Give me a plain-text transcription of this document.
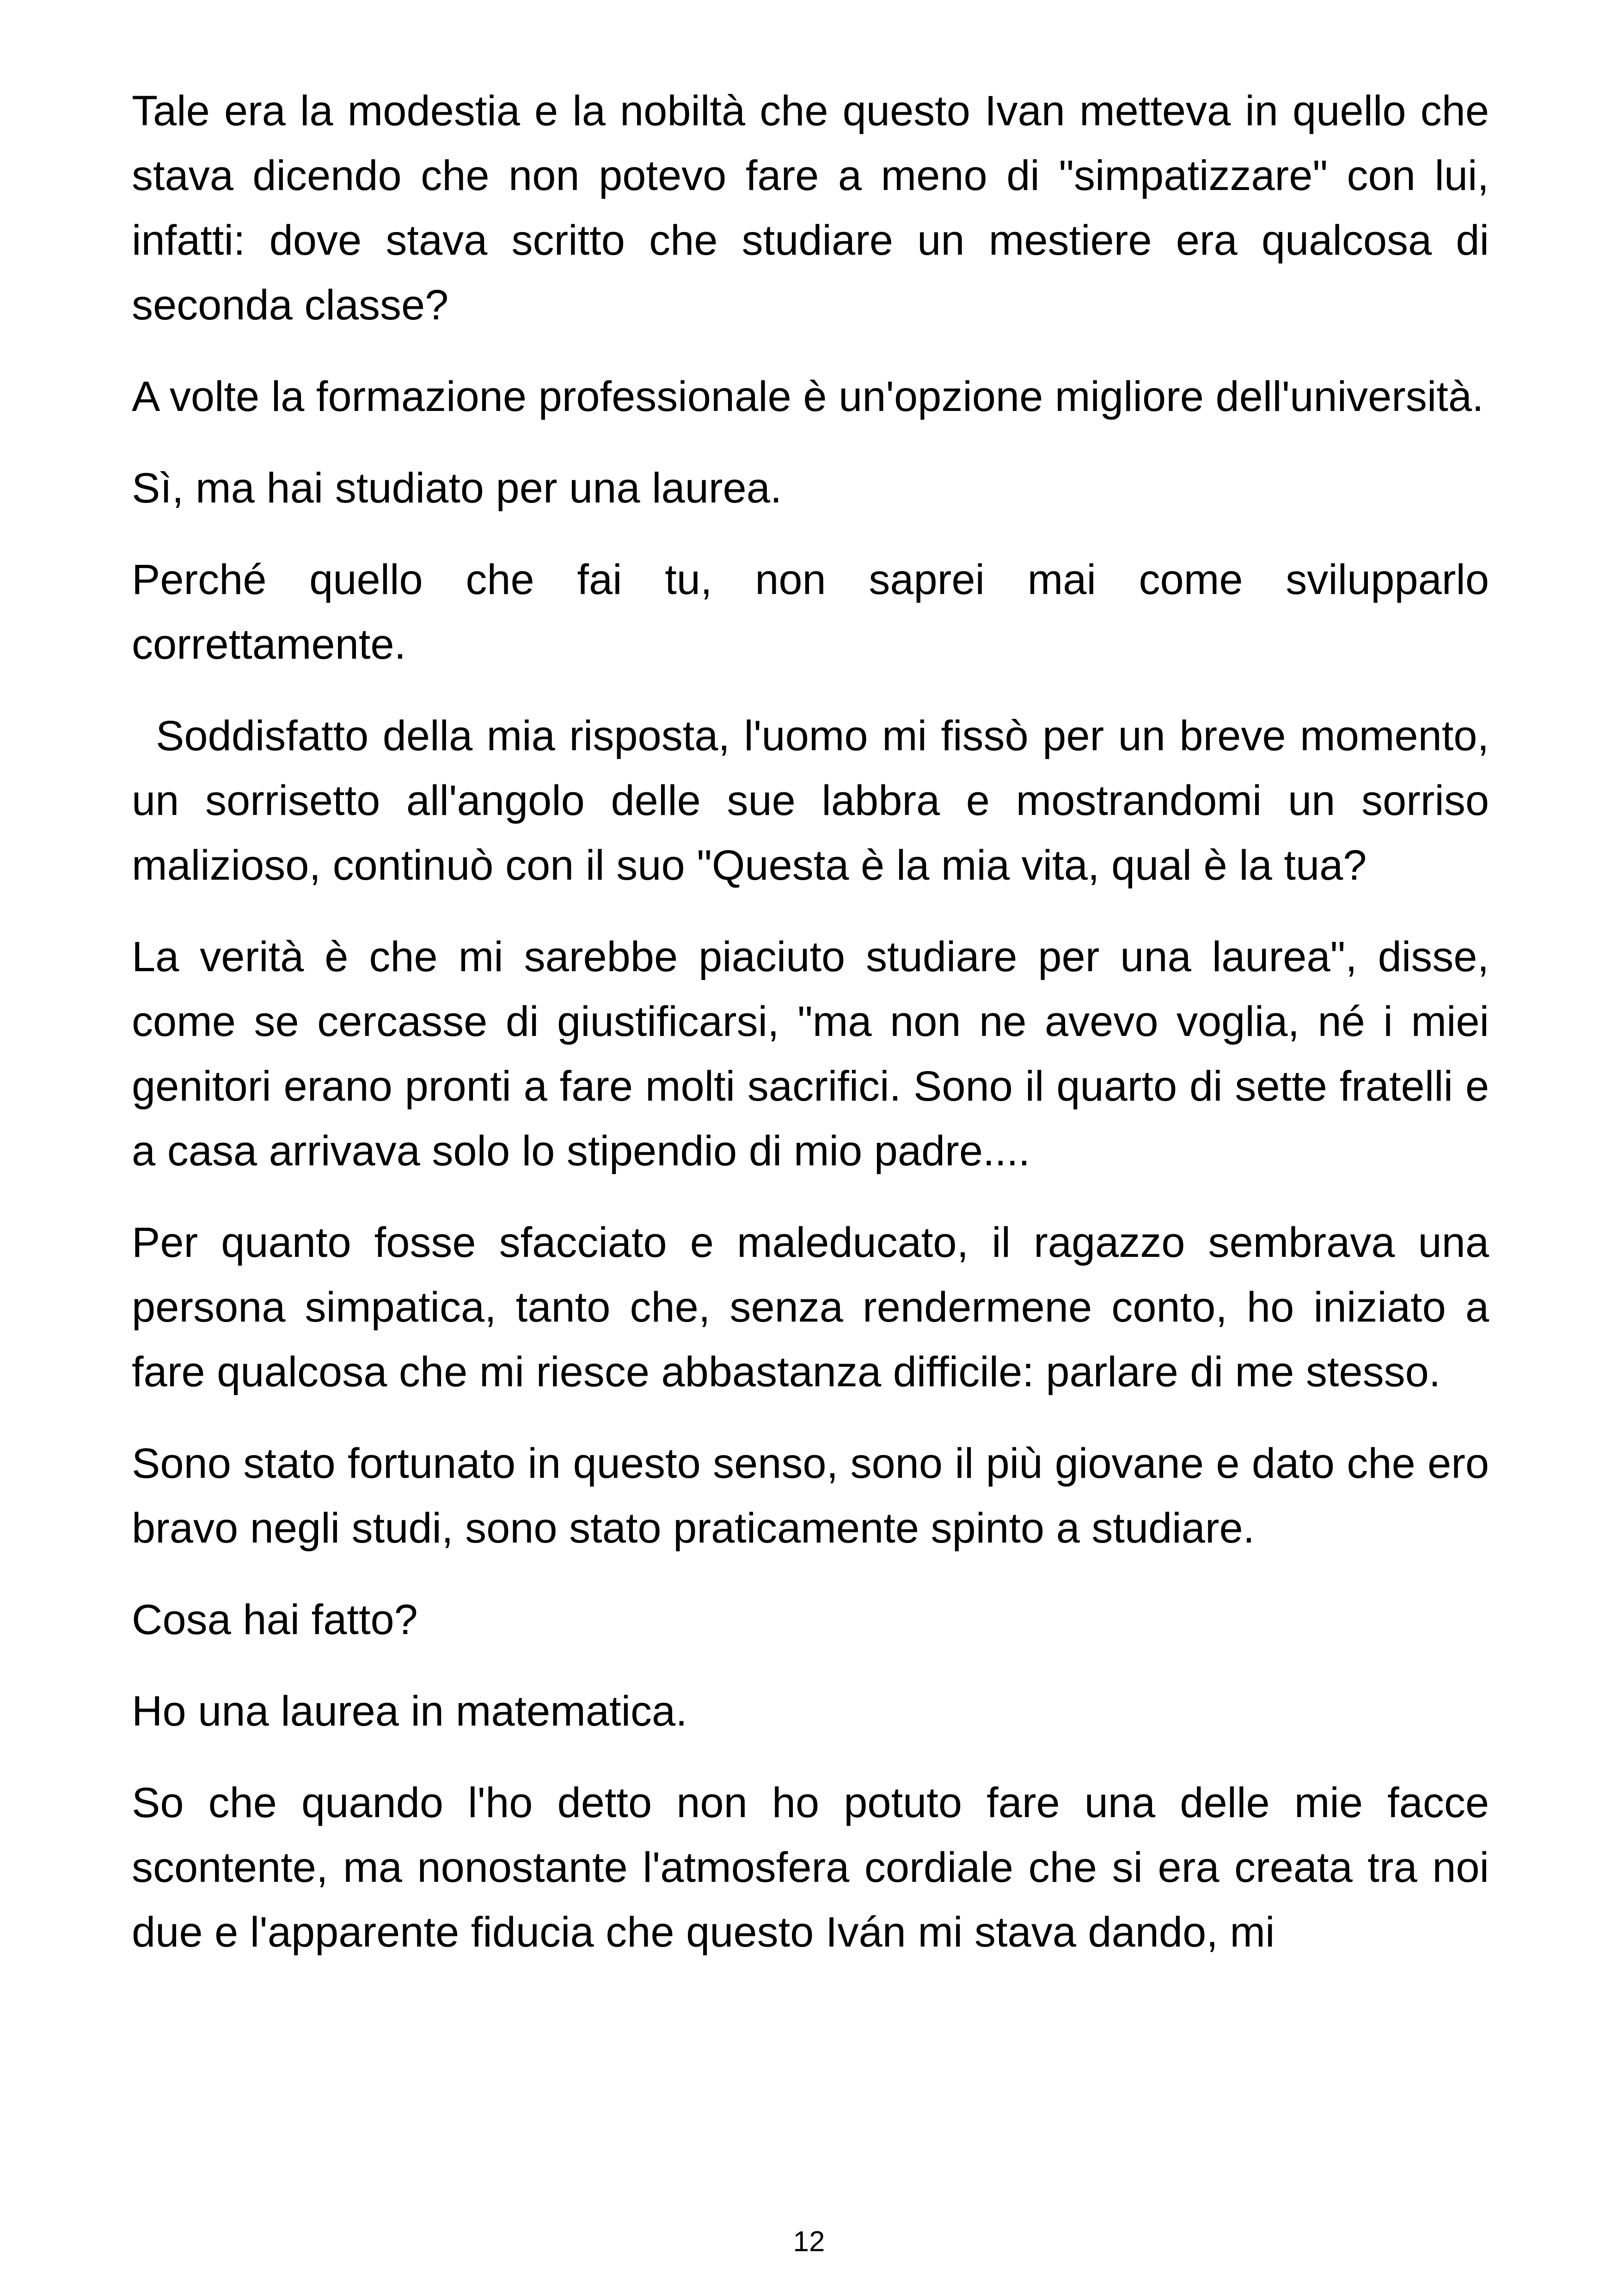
Tale era la modestia e la nobiltà che questo Ivan metteva in quello che stava dicendo che non potevo fare a meno di "simpatizzare" con lui, infatti: dove stava scritto che studiare un mestiere era qualcosa di seconda classe?

A volte la formazione professionale è un'opzione migliore dell'università.

Sì, ma hai studiato per una laurea.

Perché quello che fai tu, non saprei mai come svilupparlo correttamente.

Soddisfatto della mia risposta, l'uomo mi fissò per un breve momento, un sorrisetto all'angolo delle sue labbra e mostrandomi un sorriso malizioso, continuò con il suo "Questa è la mia vita, qual è la tua?

La verità è che mi sarebbe piaciuto studiare per una laurea", disse, come se cercasse di giustificarsi, "ma non ne avevo voglia, né i miei genitori erano pronti a fare molti sacrifici. Sono il quarto di sette fratelli e a casa arrivava solo lo stipendio di mio padre....

Per quanto fosse sfacciato e maleducato, il ragazzo sembrava una persona simpatica, tanto che, senza rendermene conto, ho iniziato a fare qualcosa che mi riesce abbastanza difficile: parlare di me stesso.

Sono stato fortunato in questo senso, sono il più giovane e dato che ero bravo negli studi, sono stato praticamente spinto a studiare.

Cosa hai fatto?

Ho una laurea in matematica.

So che quando l'ho detto non ho potuto fare una delle mie facce scontente, ma nonostante l'atmosfera cordiale che si era creata tra noi due e l'apparente fiducia che questo Iván mi stava dando, mi

12
